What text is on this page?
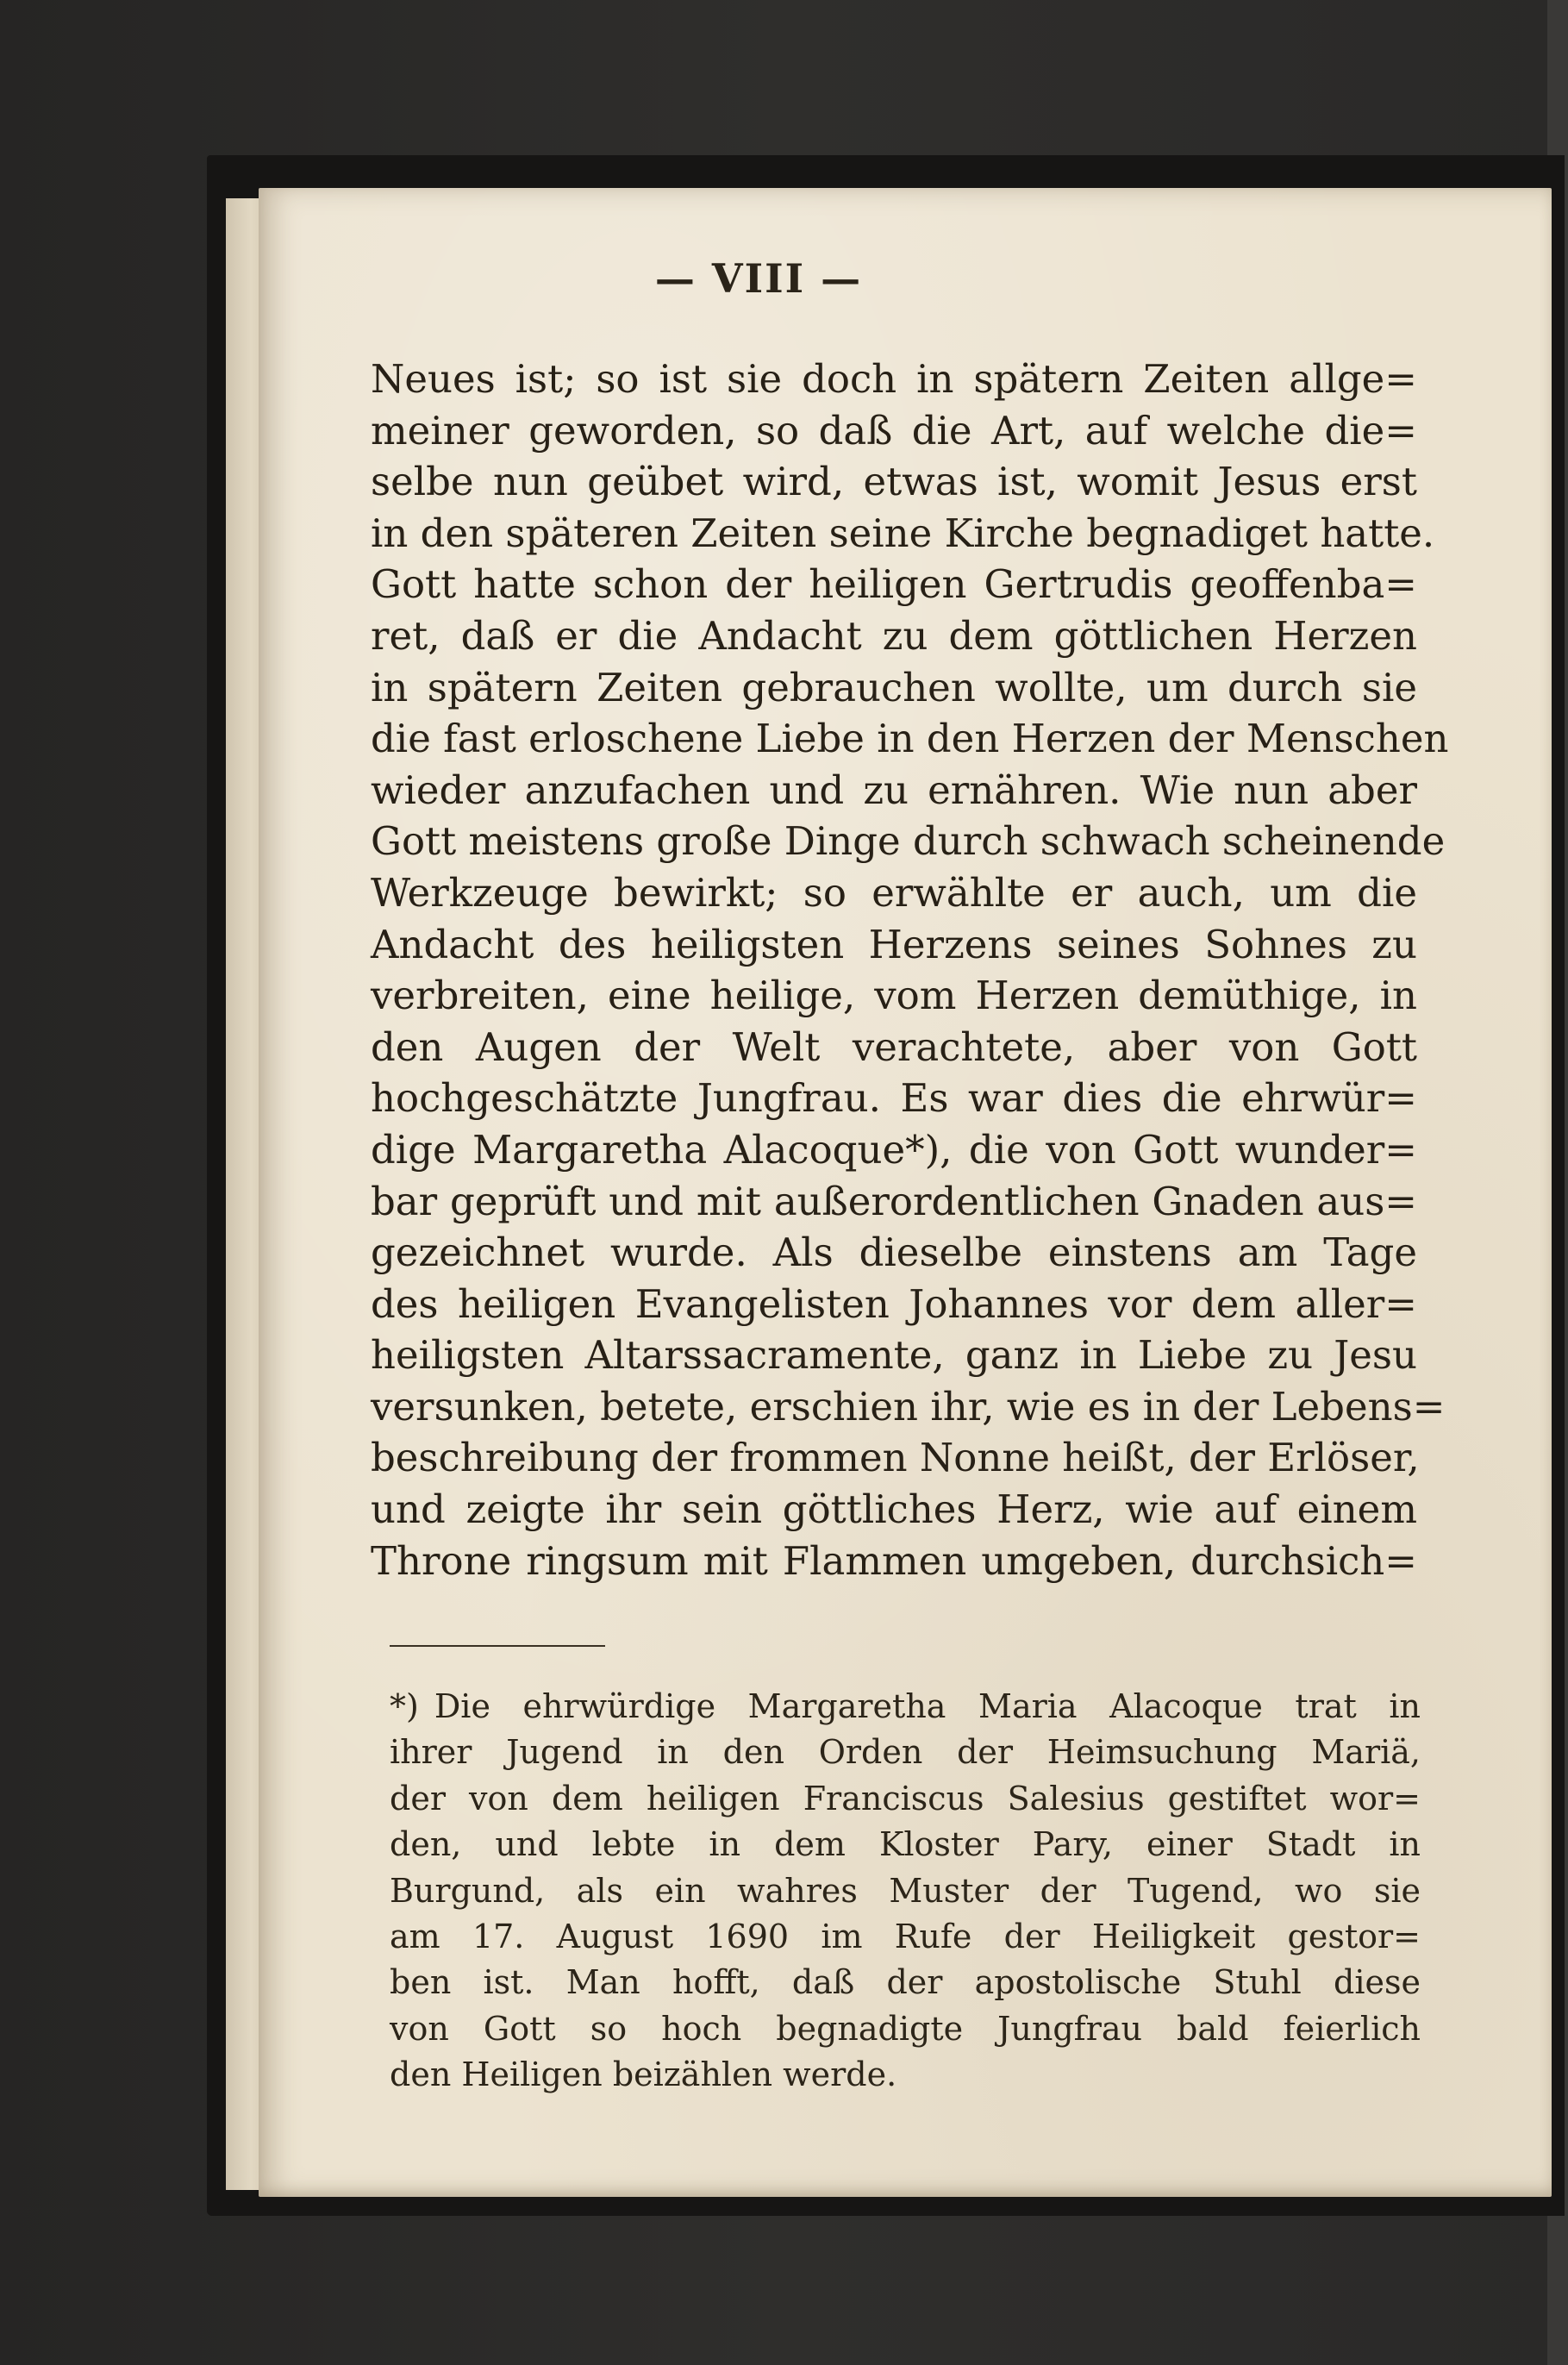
— VIII —
Neues ist; so ist sie doch in spätern Zeiten allge=
meiner geworden, so daß die Art, auf welche die=
selbe nun geübet wird, etwas ist, womit Jesus erst
in den späteren Zeiten seine Kirche begnadiget hatte.
Gott hatte schon der heiligen Gertrudis geoffenba=
ret, daß er die Andacht zu dem göttlichen Herzen
in spätern Zeiten gebrauchen wollte, um durch sie
die fast erloschene Liebe in den Herzen der Menschen
wieder anzufachen und zu ernähren. Wie nun aber
Gott meistens große Dinge durch schwach scheinende
Werkzeuge bewirkt; so erwählte er auch, um die
Andacht des heiligsten Herzens seines Sohnes zu
verbreiten, eine heilige, vom Herzen demüthige, in
den Augen der Welt verachtete, aber von Gott
hochgeschätzte Jungfrau. Es war dies die ehrwür=
dige Margaretha Alacoque*), die von Gott wunder=
bar geprüft und mit außerordentlichen Gnaden aus=
gezeichnet wurde. Als dieselbe einstens am Tage
des heiligen Evangelisten Johannes vor dem aller=
heiligsten Altarssacramente, ganz in Liebe zu Jesu
versunken, betete, erschien ihr, wie es in der Lebens=
beschreibung der frommen Nonne heißt, der Erlöser,
und zeigte ihr sein göttliches Herz, wie auf einem
Throne ringsum mit Flammen umgeben, durchsich=
*) Die ehrwürdige Margaretha Maria Alacoque trat in
ihrer Jugend in den Orden der Heimsuchung Mariä,
der von dem heiligen Franciscus Salesius gestiftet wor=
den, und lebte in dem Kloster Pary, einer Stadt in
Burgund, als ein wahres Muster der Tugend, wo sie
am 17. August 1690 im Rufe der Heiligkeit gestor=
ben ist. Man hofft, daß der apostolische Stuhl diese
von Gott so hoch begnadigte Jungfrau bald feierlich
den Heiligen beizählen werde.
